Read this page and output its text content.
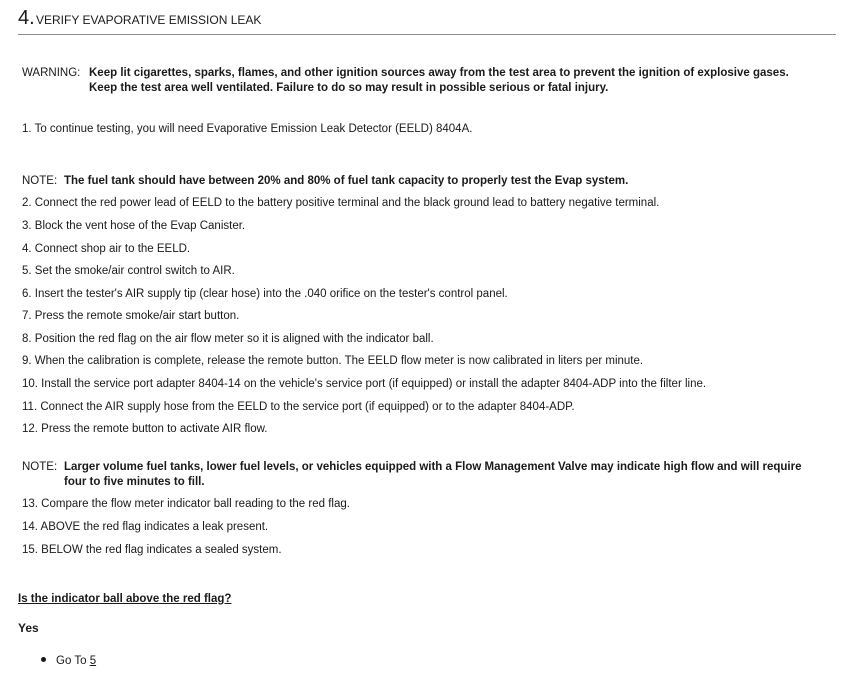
4. VERIFY EVAPORATIVE EMISSION LEAK
WARNING: Keep lit cigarettes, sparks, flames, and other ignition sources away from the test area to prevent the ignition of explosive gases.
Keep the test area well ventilated. Failure to do so may result in possible serious or fatal injury.
1. To continue testing, you will need Evaporative Emission Leak Detector (EELD) 8404A.
NOTE: The fuel tank should have between 20% and 80% of fuel tank capacity to properly test the Evap system.
2. Connect the red power lead of EELD to the battery positive terminal and the black ground lead to battery negative terminal.
3. Block the vent hose of the Evap Canister.
4. Connect shop air to the EELD.
5. Set the smoke/air control switch to AIR.
6. Insert the tester's AIR supply tip (clear hose) into the .040 orifice on the tester's control panel.
7. Press the remote smoke/air start button.
8. Position the red flag on the air flow meter so it is aligned with the indicator ball.
9. When the calibration is complete, release the remote button. The EELD flow meter is now calibrated in liters per minute.
10. Install the service port adapter 8404-14 on the vehicle's service port (if equipped) or install the adapter 8404-ADP into the filter line.
11. Connect the AIR supply hose from the EELD to the service port (if equipped) or to the adapter 8404-ADP.
12. Press the remote button to activate AIR flow.
NOTE: Larger volume fuel tanks, lower fuel levels, or vehicles equipped with a Flow Management Valve may indicate high flow and will require
four to five minutes to fill.
13. Compare the flow meter indicator ball reading to the red flag.
14. ABOVE the red flag indicates a leak present.
15. BELOW the red flag indicates a sealed system.
Is the indicator ball above the red flag?
Yes
Go To 5
